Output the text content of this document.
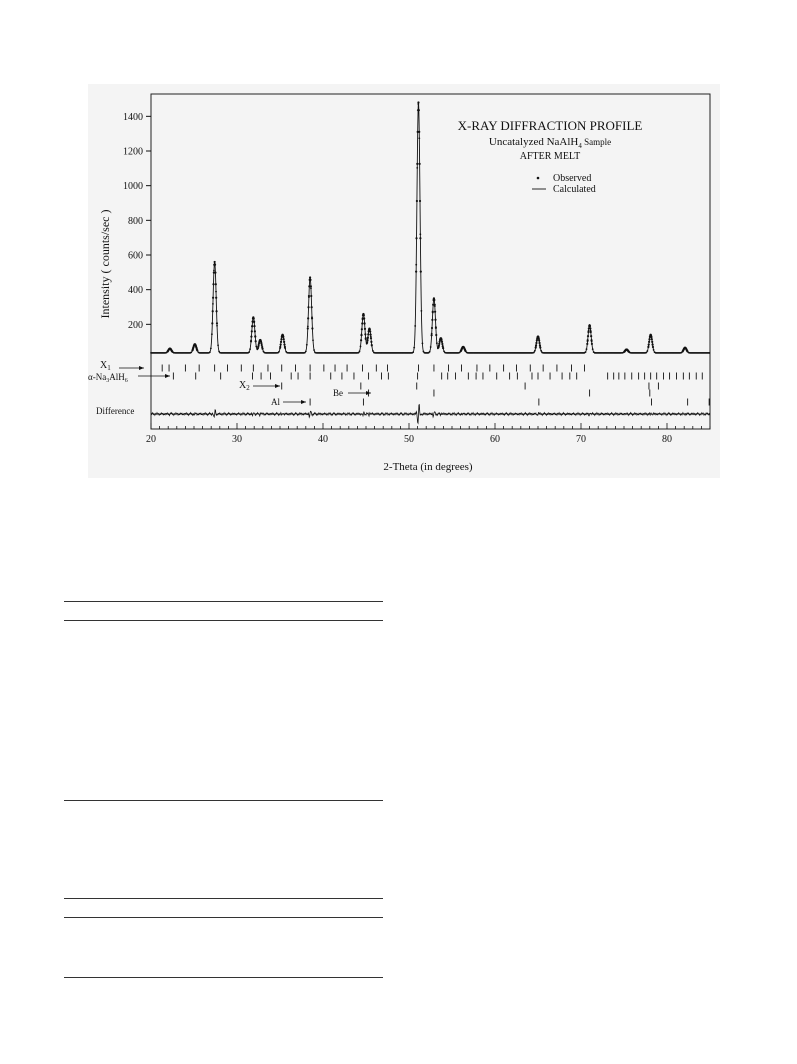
200
400
600
800
1000
1200
1400
20	30	40	50	60	70	80
X-RAY DIFFRACTION PROFILE
Uncatalyzed NaAlH$_4$ $^{Sample}$
AFTER MELT
Observed
Calculated
2-Theta (in degrees)
Intensity ( counts/sec )
$X_1$
$\alpha-Na_3AlH_6$	$X_2$	Be
Al
Difference
